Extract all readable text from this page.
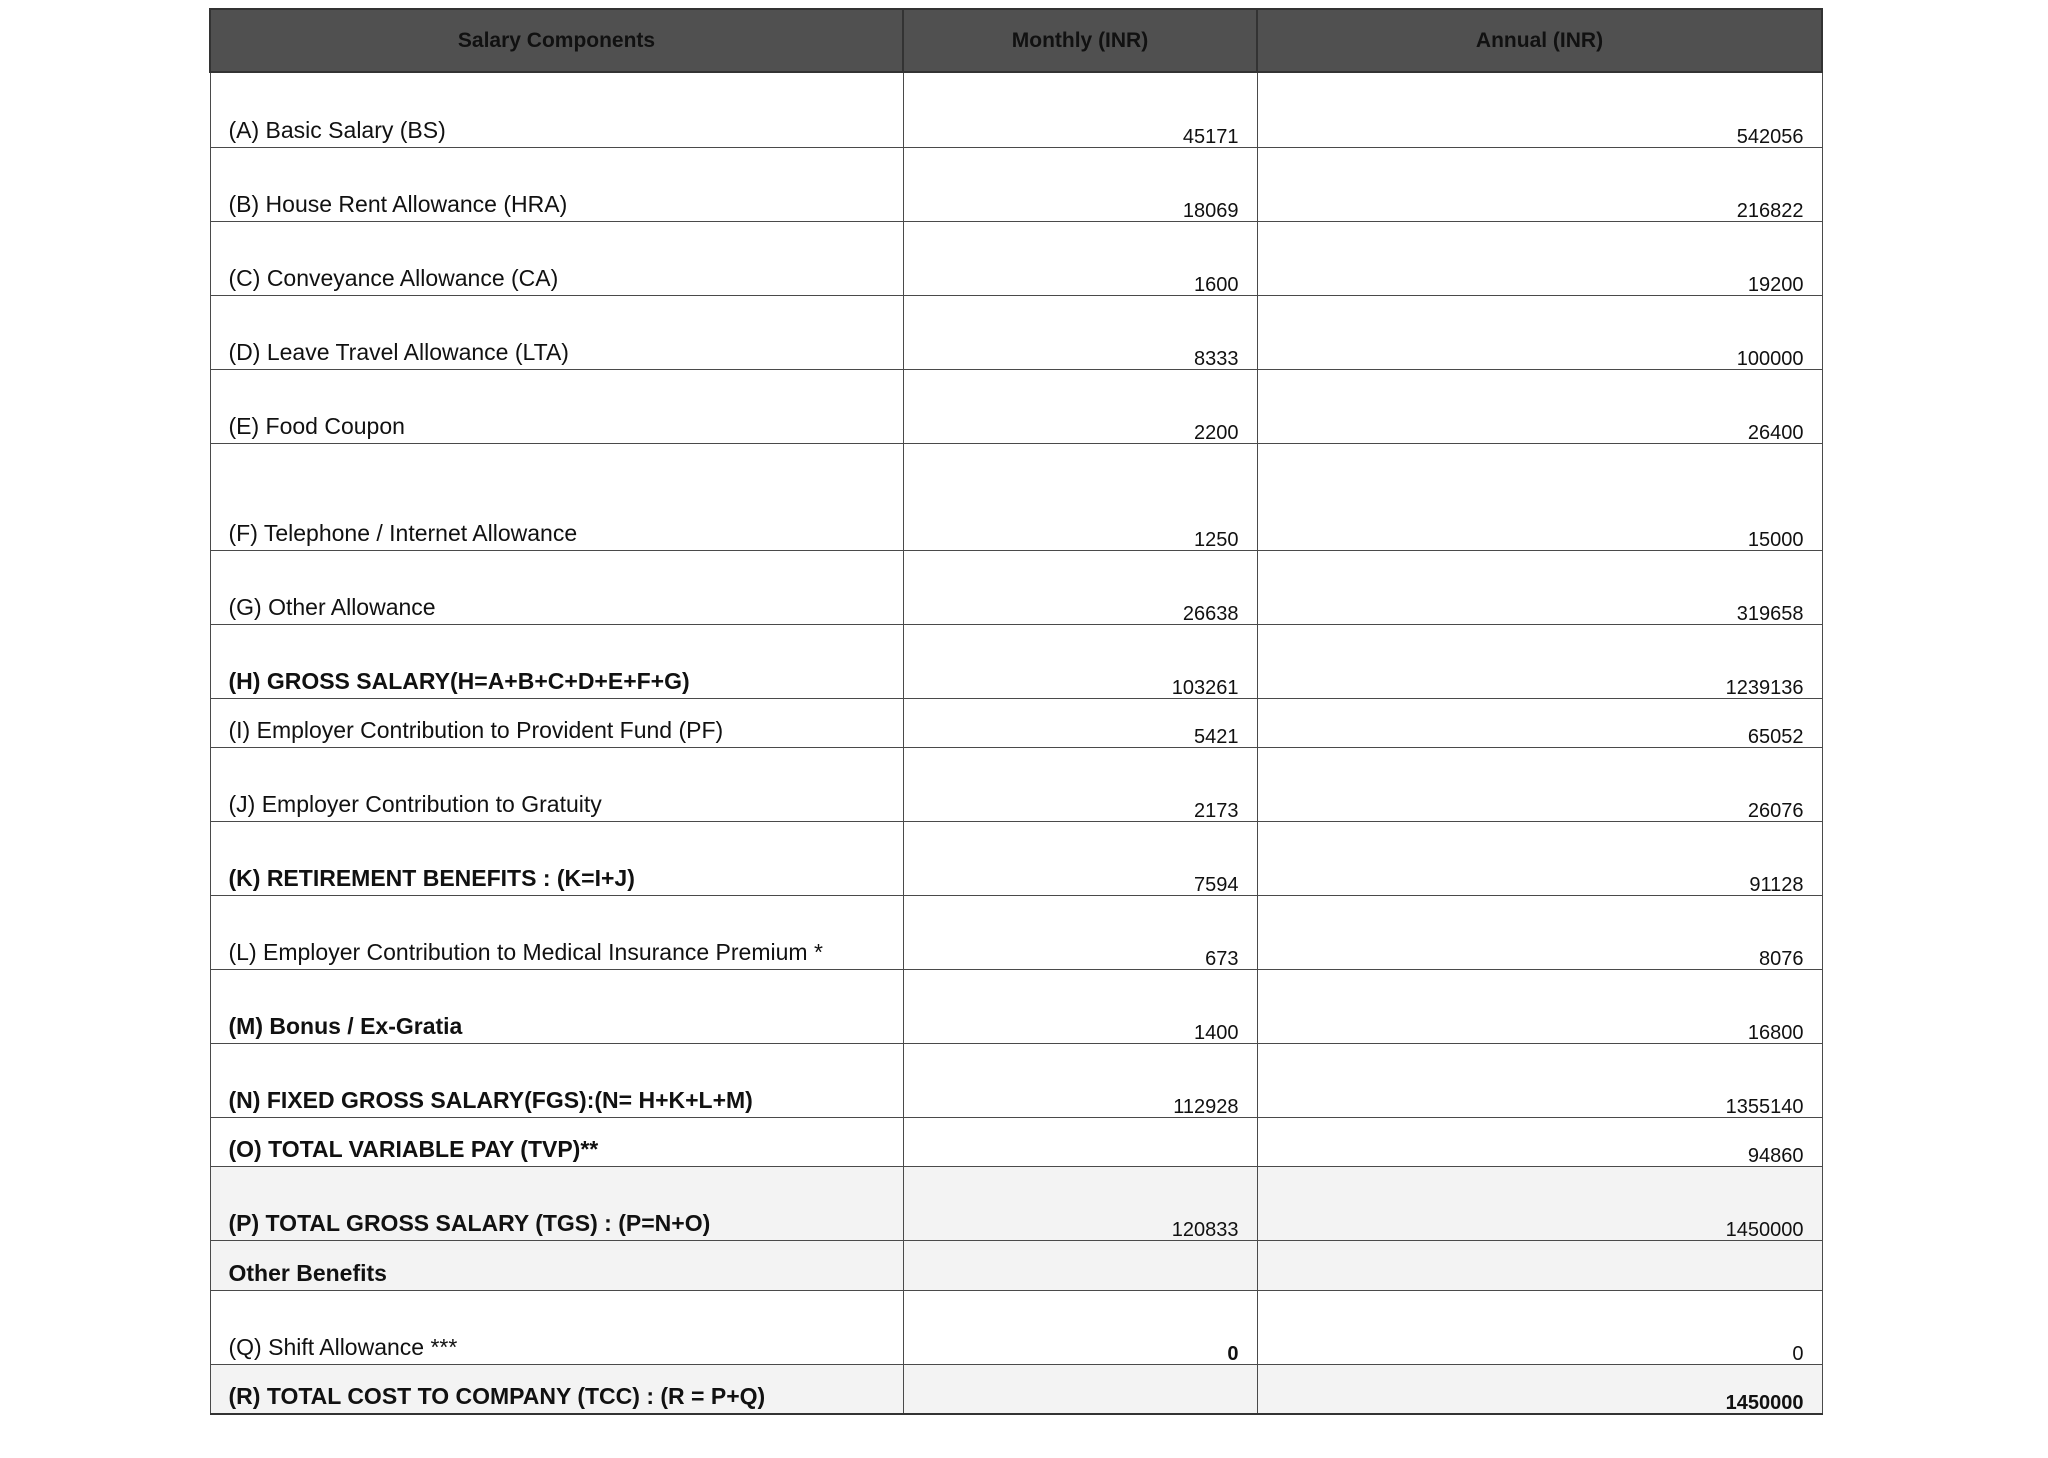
Salary Components	Monthly (INR)	Annual (INR)
(A) Basic Salary (BS)	45171	542056
(B) House Rent Allowance (HRA)	18069	216822
(C) Conveyance Allowance (CA)	1600	19200
(D) Leave Travel Allowance (LTA)	8333	100000
(E) Food Coupon	2200	26400
(F) Telephone / Internet Allowance	1250	15000
(G) Other Allowance	26638	319658
(H) GROSS SALARY(H=A+B+C+D+E+F+G)	103261	1239136
(I) Employer Contribution to Provident Fund (PF)	5421	65052
(J) Employer Contribution to Gratuity	2173	26076
(K) RETIREMENT BENEFITS : (K=I+J)	7594	91128
(L) Employer Contribution to Medical Insurance Premium *	673	8076
(M) Bonus / Ex-Gratia	1400	16800
(N) FIXED GROSS SALARY(FGS):(N= H+K+L+M)	112928	1355140
(O) TOTAL VARIABLE PAY (TVP)**		94860
(P) TOTAL GROSS SALARY (TGS) : (P=N+O)	120833	1450000
Other Benefits		
(Q) Shift Allowance ***	0	0
(R) TOTAL COST TO COMPANY (TCC) : (R = P+Q)		1450000
